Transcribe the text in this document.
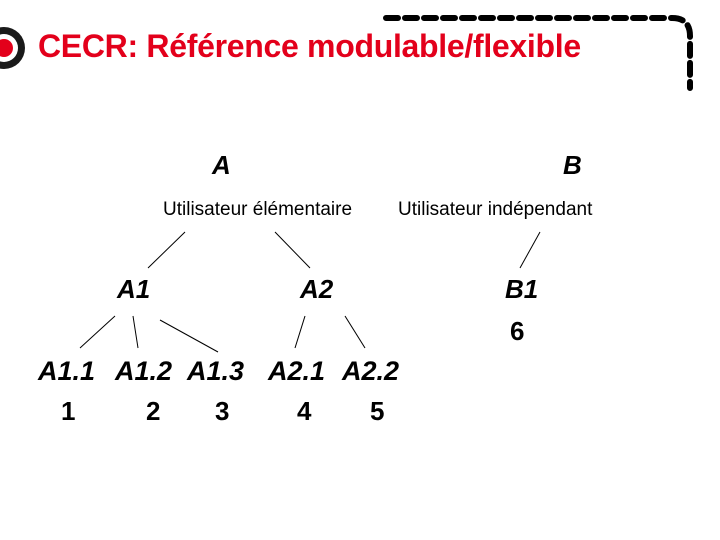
CECR: Référence modulable/flexible
A	B
Utilisateur élémentaire Utilisateur indépendant
A1	A2	B1
6
A1.1 A1.2 A1.3 A2.1 A2.2
1	2 3	4 5
